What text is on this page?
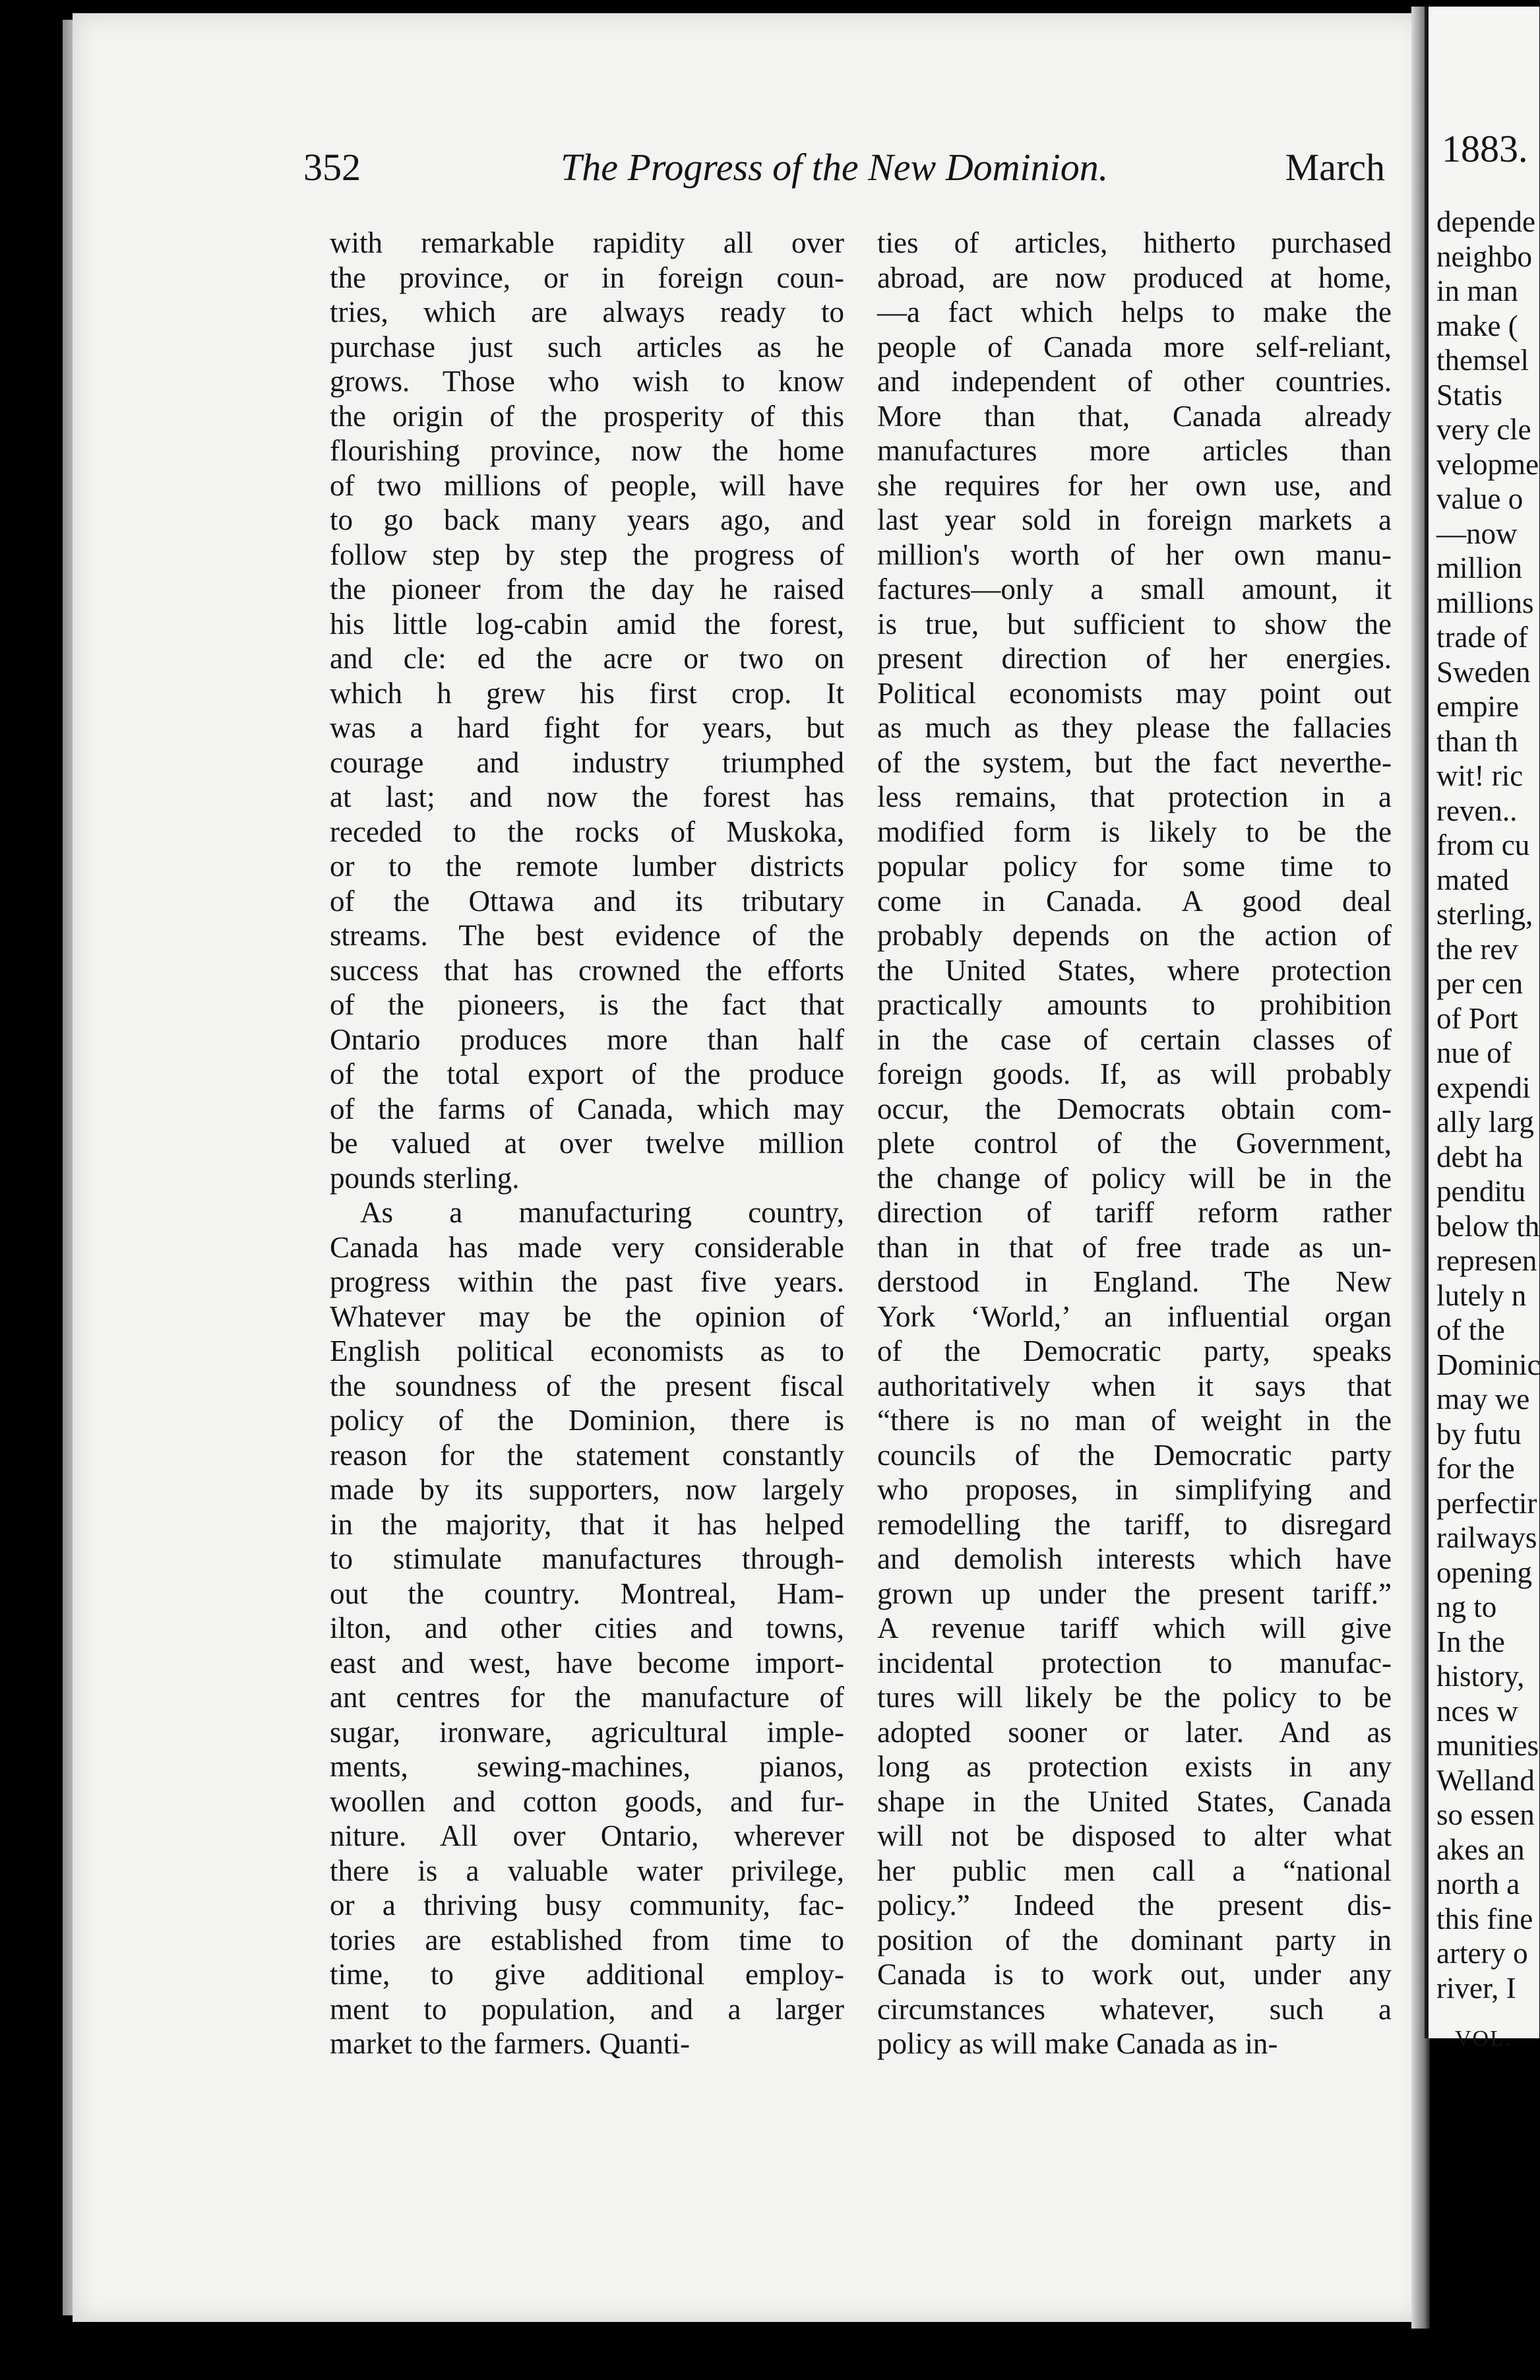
352	The Progress of the New Dominion.	March
with remarkable rapidity all over
the province, or in foreign coun-
tries, which are always ready to
purchase just such articles as he
grows. Those who wish to know
the origin of the prosperity of this
flourishing province, now the home
of two millions of people, will have
to go back many years ago, and
follow step by step the progress of
the pioneer from the day he raised
his little log-cabin amid the forest,
and cle: ed the acre or two on
which h grew his first crop. It
was a hard fight for years, but
courage and industry triumphed
at last; and now the forest has
receded to the rocks of Muskoka,
or to the remote lumber districts
of the Ottawa and its tributary
streams. The best evidence of the
success that has crowned the efforts
of the pioneers, is the fact that
Ontario produces more than half
of the total export of the produce
of the farms of Canada, which may
be valued at over twelve million
pounds sterling.
As a manufacturing country,
Canada has made very considerable
progress within the past five years.
Whatever may be the opinion of
English political economists as to
the soundness of the present fiscal
policy of the Dominion, there is
reason for the statement constantly
made by its supporters, now largely
in the majority, that it has helped
to stimulate manufactures through-
out the country. Montreal, Ham-
ilton, and other cities and towns,
east and west, have become import-
ant centres for the manufacture of
sugar, ironware, agricultural imple-
ments, sewing-machines, pianos,
woollen and cotton goods, and fur-
niture. All over Ontario, wherever
there is a valuable water privilege,
or a thriving busy community, fac-
tories are established from time to
time, to give additional employ-
ment to population, and a larger
market to the farmers. Quanti-
ties of articles, hitherto purchased
abroad, are now produced at home,
—a fact which helps to make the
people of Canada more self-reliant,
and independent of other countries.
More than that, Canada already
manufactures more articles than
she requires for her own use, and
last year sold in foreign markets a
million's worth of her own manu-
factures—only a small amount, it
is true, but sufficient to show the
present direction of her energies.
Political economists may point out
as much as they please the fallacies
of the system, but the fact neverthe-
less remains, that protection in a
modified form is likely to be the
popular policy for some time to
come in Canada. A good deal
probably depends on the action of
the United States, where protection
practically amounts to prohibition
in the case of certain classes of
foreign goods. If, as will probably
occur, the Democrats obtain com-
plete control of the Government,
the change of policy will be in the
direction of tariff reform rather
than in that of free trade as un-
derstood in England. The New
York ‘World,’ an influential organ
of the Democratic party, speaks
authoritatively when it says that
“there is no man of weight in the
councils of the Democratic party
who proposes, in simplifying and
remodelling the tariff, to disregard
and demolish interests which have
grown up under the present tariff.”
A revenue tariff which will give
incidental protection to manufac-
tures will likely be the policy to be
adopted sooner or later. And as
long as protection exists in any
shape in the United States, Canada
will not be disposed to alter what
her public men call a “national
policy.” Indeed the present dis-
position of the dominant party in
Canada is to work out, under any
circumstances whatever, such a
policy as will make Canada as in-
1883.
depende
neighbo
in man
make (
themsel
Statis
very cle
velopme
value o
—now
million
millions
trade of
Sweden
empire
than th
wit! ric
reven..
from cu
mated
sterling,
the rev
per cen
of Port
nue of
expendi
ally larg
debt ha
penditu
below th
represen
lutely n
of the
Dominic
may we
by futu
for the
perfectir
railways
opening
ng to
In the
history,
nces w
munities
Welland
so essen
akes an
north a
this fine
artery o
river, I
VOL.
